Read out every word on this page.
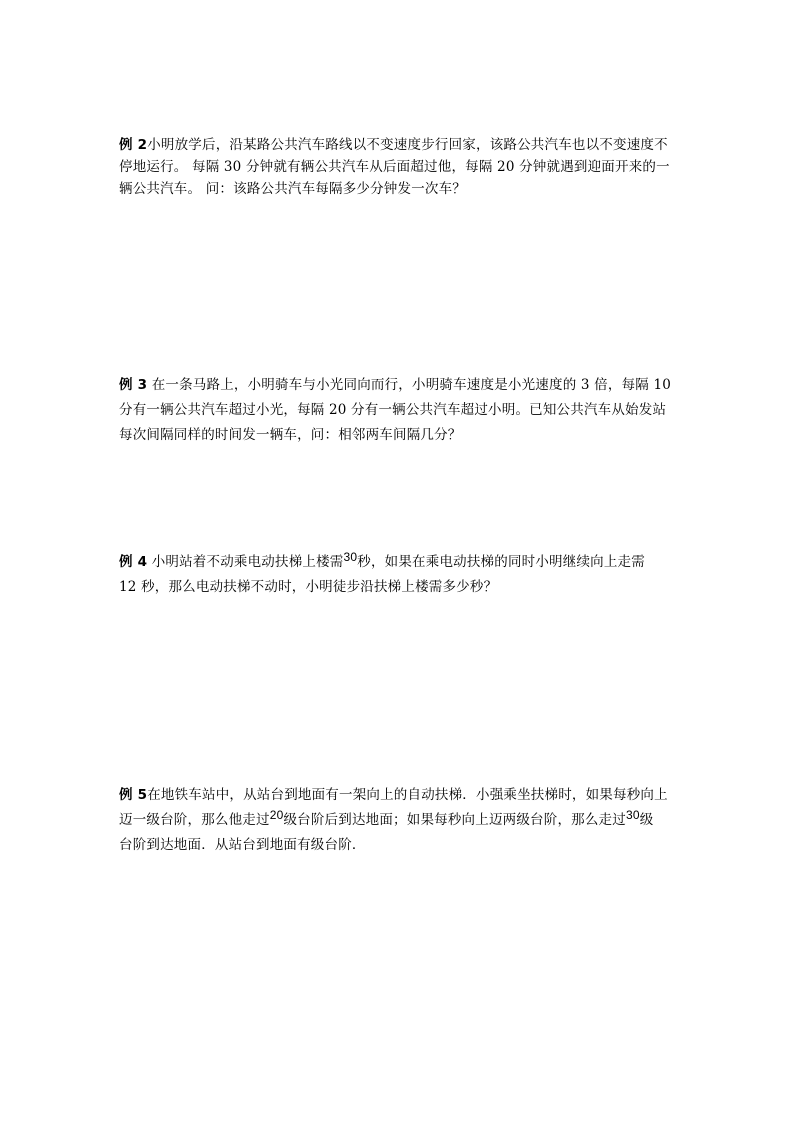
例 2小明放学后，沿某路公共汽车路线以不变速度步行回家，该路公共汽车也以不变速度不
停地运行。 每隔 30 分钟就有辆公共汽车从后面超过他，每隔 20 分钟就遇到迎面开来的一
辆公共汽车。 问：该路公共汽车每隔多少分钟发一次车？
例 3 在一条马路上，小明骑车与小光同向而行，小明骑车速度是小光速度的 3 倍，每隔 10
分有一辆公共汽车超过小光，每隔 20 分有一辆公共汽车超过小明。已知公共汽车从始发站
每次间隔同样的时间发一辆车，问：相邻两车间隔几分？
例 4 小明站着不动乘电动扶梯上楼需30秒，如果在乘电动扶梯的同时小明继续向上走需
12 秒，那么电动扶梯不动时，小明徒步沿扶梯上楼需多少秒？
例 5在地铁车站中，从站台到地面有一架向上的自动扶梯．小强乘坐扶梯时，如果每秒向上
迈一级台阶，那么他走过20级台阶后到达地面；如果每秒向上迈两级台阶，那么走过30级
台阶到达地面．从站台到地面有级台阶．
